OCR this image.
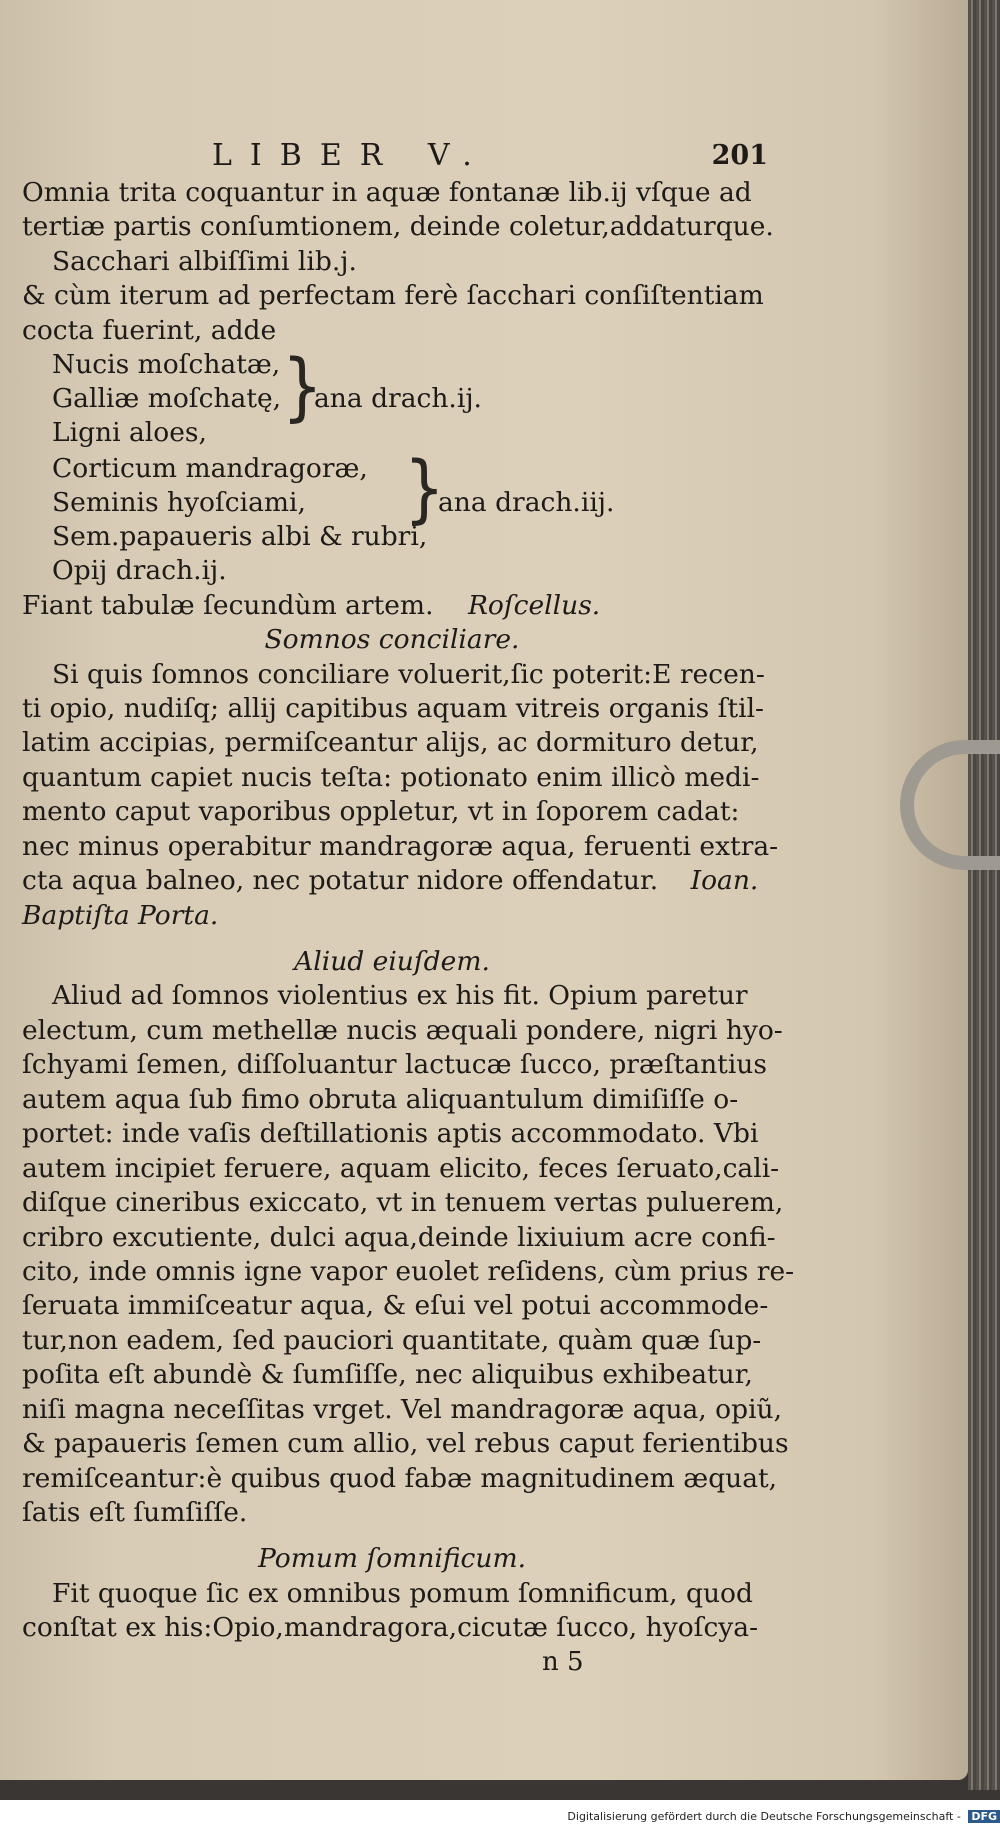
LIBER V.	201
Omnia trita coquantur in aquæ fontanæ lib.ij vſque ad
tertiæ partis conſumtionem, deinde coletur,addaturque.
Sacchari albiſſimi lib.j.
& cùm iterum ad perfectam ferè ſacchari conſiſtentiam
cocta fuerint, adde
Nucis moſchatæ,
Galliæ moſchatę,
Ligni aloes,
}
ana drach.ij.
Corticum mandragoræ,
Seminis hyoſciami,
Sem.papaueris albi & rubri,
}
ana drach.iij.
Opij drach.ij.
Fiant tabulæ ſecundùm artem. Roſcellus.
Somnos conciliare.
Si quis ſomnos conciliare voluerit,ſic poterit:E recen-
ti opio, nudiſq; allij capitibus aquam vitreis organis ſtil-
latim accipias, permiſceantur alijs, ac dormituro detur,
quantum capiet nucis teſta: potionato enim illicò medi-
mento caput vaporibus oppletur, vt in ſoporem cadat:
nec minus operabitur mandragoræ aqua, feruenti extra-
cta aqua balneo, nec potatur nidore offendatur. Ioan.
Baptiſta Porta.
Aliud eiuſdem.
Aliud ad ſomnos violentius ex his fit. Opium paretur
electum, cum methellæ nucis æquali pondere, nigri hyo-
ſchyami ſemen, diſſoluantur lactucæ ſucco, præſtantius
autem aqua ſub fimo obruta aliquantulum dimiſiſſe o-
portet: inde vaſis deſtillationis aptis accommodato. Vbi
autem incipiet feruere, aquam elicito, feces ſeruato,cali-
diſque cineribus exiccato, vt in tenuem vertas puluerem,
cribro excutiente, dulci aqua,deinde lixiuium acre confi-
cito, inde omnis igne vapor euolet reſidens, cùm prius re-
ſeruata immiſceatur aqua, & eſui vel potui accommode-
tur,non eadem, ſed pauciori quantitate, quàm quæ ſup-
poſita eſt abundè & ſumſiſſe, nec aliquibus exhibeatur,
niſi magna neceſſitas vrget. Vel mandragoræ aqua, opiũ,
& papaueris ſemen cum allio, vel rebus caput ferientibus
remiſceantur:è quibus quod fabæ magnitudinem æquat,
ſatis eſt ſumſiſſe.
Pomum ſomnificum.
Fit quoque ſic ex omnibus pomum ſomnificum, quod
conſtat ex his:Opio,mandragora,cicutæ ſucco, hyoſcya-
n 5
Digitalisierung gefördert durch die Deutsche Forschungsgemeinschaft - DFG
